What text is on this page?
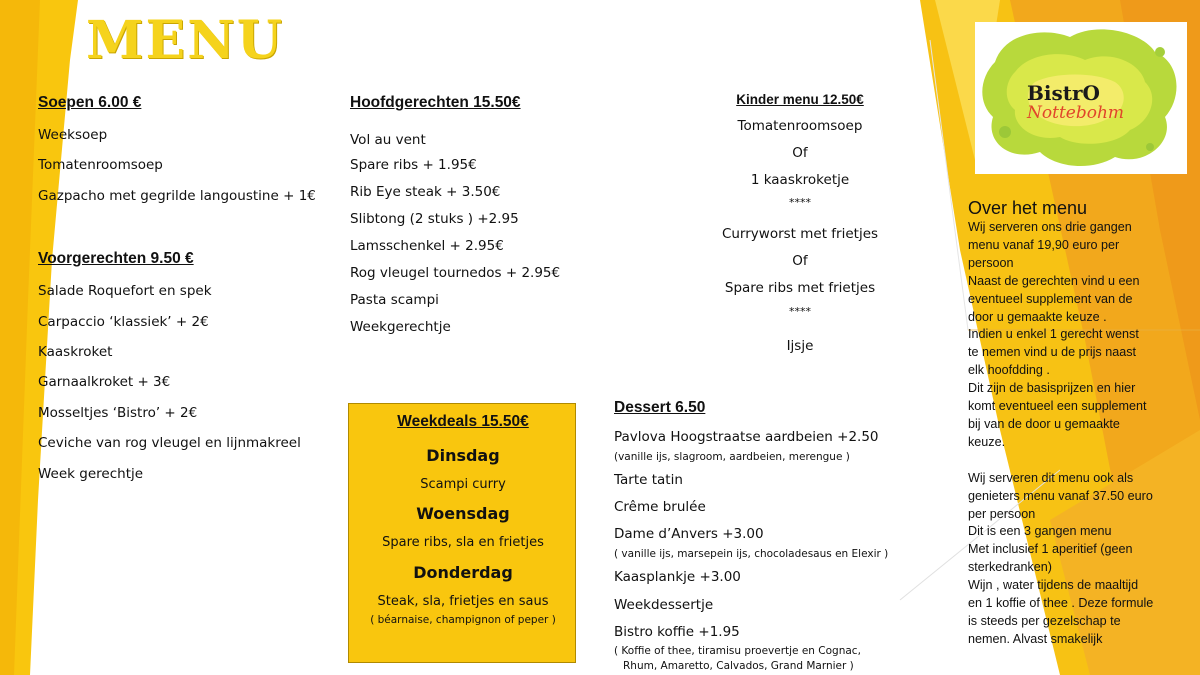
MENU
Soepen 6.00 €
Weeksoep
Tomatenroomsoep
Gazpacho met gegrilde langoustine + 1€
Voorgerechten 9.50 €
Salade Roquefort en spek
Carpaccio ‘klassiek’ + 2€
Kaaskroket
Garnaalkroket + 3€
Mosseltjes ‘Bistro’ + 2€
Ceviche van rog vleugel en lijnmakreel
Week gerechtje
Hoofdgerechten 15.50€
Vol au vent
Spare ribs + 1.95€
Rib Eye steak + 3.50€
Slibtong (2 stuks ) +2.95
Lamsschenkel + 2.95€
Rog vleugel tournedos + 2.95€
Pasta scampi
Weekgerechtje
Kinder menu 12.50€
Tomatenroomsoep
Of
1 kaaskroketje
****
Curryworst met frietjes
Of
Spare ribs met frietjes
****
Ijsje
Weekdeals 15.50€
Dinsdag
Scampi curry
Woensdag
Spare ribs, sla en frietjes
Donderdag
Steak, sla, frietjes en saus
( béarnaise, champignon of peper )
Dessert 6.50
Pavlova Hoogstraatse aardbeien +2.50
(vanille ijs, slagroom, aardbeien, merengue )
Tarte tatin
Crême brulée
Dame d’Anvers +3.00
( vanille ijs, marsepein ijs, chocoladesaus en Elexir )
Kaasplankje +3.00
Weekdessertje
Bistro koffie +1.95
( Koffie of thee, tiramisu proevertje en Cognac,
Rhum, Amaretto, Calvados, Grand Marnier )
BistrO
Nottebohm
Over het menu

Wij serveren ons drie gangen

menu vanaf 19,90 euro per

persoon

Naast de gerechten vind u een

eventueel supplement van de

door u gemaakte keuze .

Indien u enkel 1 gerecht wenst

te nemen vind u de prijs naast

elk hoofdding .

Dit zijn de basisprijzen en hier

komt eventueel een supplement

bij van de door u gemaakte

keuze.

Wij serveren dit menu ook als

genieters menu vanaf 37.50 euro

per persoon

Dit is een 3 gangen menu

Met inclusief 1 aperitief (geen

sterkedranken)

Wijn , water tijdens de maaltijd

en 1 koffie of thee . Deze formule

is steeds per gezelschap te

nemen. Alvast smakelijk
